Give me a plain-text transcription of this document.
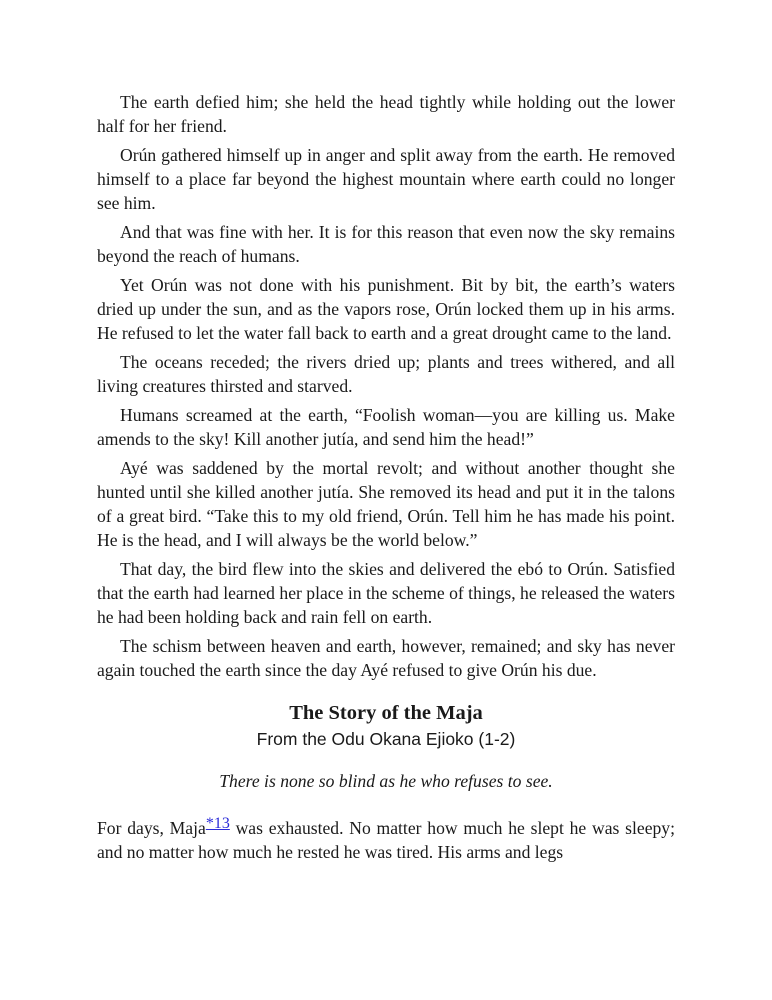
The earth defied him; she held the head tightly while holding out the lower half for her friend.

Orún gathered himself up in anger and split away from the earth. He removed himself to a place far beyond the highest mountain where earth could no longer see him.

And that was fine with her. It is for this reason that even now the sky remains beyond the reach of humans.

Yet Orún was not done with his punishment. Bit by bit, the earth’s waters dried up under the sun, and as the vapors rose, Orún locked them up in his arms. He refused to let the water fall back to earth and a great drought came to the land.

The oceans receded; the rivers dried up; plants and trees withered, and all living creatures thirsted and starved.

Humans screamed at the earth, “Foolish woman—you are killing us. Make amends to the sky! Kill another jutía, and send him the head!”

Ayé was saddened by the mortal revolt; and without another thought she hunted until she killed another jutía. She removed its head and put it in the talons of a great bird. “Take this to my old friend, Orún. Tell him he has made his point. He is the head, and I will always be the world below.”

That day, the bird flew into the skies and delivered the ebó to Orún. Satisfied that the earth had learned her place in the scheme of things, he released the waters he had been holding back and rain fell on earth.

The schism between heaven and earth, however, remained; and sky has never again touched the earth since the day Ayé refused to give Orún his due.

The Story of the Maja
From the Odu Okana Ejioko (1-2)
There is none so blind as he who refuses to see.

For days, Maja*13 was exhausted. No matter how much he slept he was sleepy; and no matter how much he rested he was tired. His arms and legs
